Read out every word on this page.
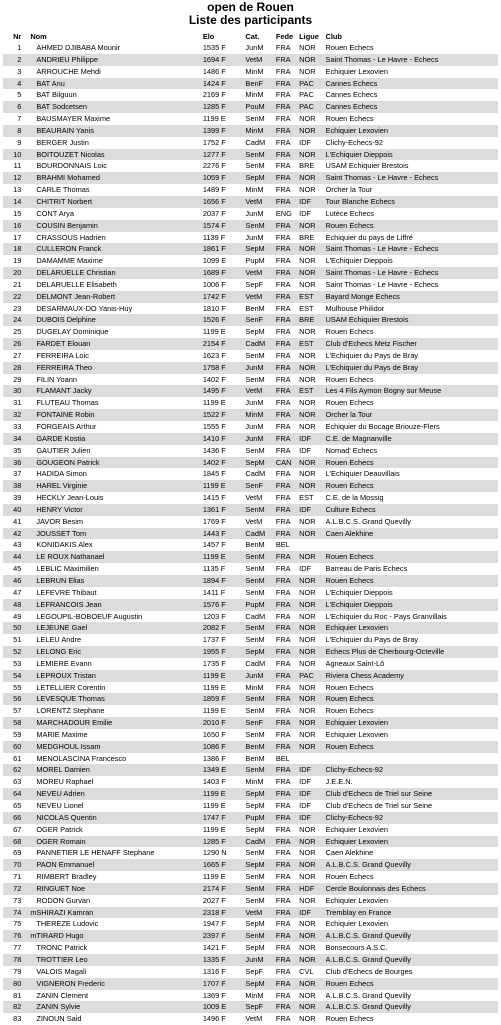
open de Rouen
Liste des participants
Nr	Nom	Elo	Cat.	Fede	Ligue	Club
1	AHMED DJIBABA Mounir	1535 F	JunM	FRA	NOR	Rouen Echecs
2	ANDRIEU Philippe	1694 F	VetM	FRA	NOR	Saint Thomas - Le Havre - Echecs
3	ARROUCHE Mehdi	1486 F	MinM	FRA	NOR	Echiquier Lexovien
4	BAT Anu	1424 F	BenF	FRA	PAC	Cannes Echecs
5	BAT Bilguun	2169 F	MinM	FRA	PAC	Cannes Echecs
6	BAT Sodcetsen	1285 F	PouM	FRA	PAC	Cannes Echecs
7	BAUSMAYER Maxime	1199 E	SenM	FRA	NOR	Rouen Echecs
8	BEAURAIN Yanis	1399 F	MinM	FRA	NOR	Echiquier Lexovien
9	BERGER Justin	1752 F	CadM	FRA	IDF	Clichy-Echecs-92
10	BOITOUZET Nicolas	1277 F	SenM	FRA	NOR	L'Echiquier Dieppois
11	BOURDONNAIS Loic	2276 F	SenM	FRA	BRE	USAM Echiquier Brestois
12	BRAHMI Mohamed	1059 F	SepM	FRA	NOR	Saint Thomas - Le Havre - Echecs
13	CARLE Thomas	1489 F	MinM	FRA	NOR	Orcher la Tour
14	CHITRIT Norbert	1656 F	VetM	FRA	IDF	Tour Blanche Echecs
15	CONT Arya	2037 F	JunM	ENG	IDF	Lutèce Echecs
16	COUSIN Benjamin	1574 F	SenM	FRA	NOR	Rouen Echecs
17	CRASSOUS Hadrien	1139 F	JunM	FRA	BRE	Echiquier du pays de Liffré
18	CULLERON Franck	1861 F	SepM	FRA	NOR	Saint Thomas - Le Havre - Echecs
19	DAMAMME Maxime	1099 E	PupM	FRA	NOR	L'Echiquier Dieppois
20	DELARUELLE Christian	1689 F	VetM	FRA	NOR	Saint Thomas - Le Havre - Echecs
21	DELARUELLE Elisabeth	1006 F	SepF	FRA	NOR	Saint Thomas - Le Havre - Echecs
22	DELMONT Jean-Robert	1742 F	VetM	FRA	EST	Bayard Monge Echecs
23	DESARMAUX-DO Yanis-Huy	1810 F	BenM	FRA	EST	Mulhouse Philidor
24	DUBOIS Delphine	1526 F	SenF	FRA	BRE	USAM Echiquier Brestois
25	DUGELAY Dominique	1199 E	SepM	FRA	NOR	Rouen Echecs
26	FARDET Elouan	2154 F	CadM	FRA	EST	Club d'Echecs Metz Fischer
27	FERREIRA Loic	1623 F	SenM	FRA	NOR	L'Echiquier du Pays de Bray
28	FERREIRA Theo	1758 F	JunM	FRA	NOR	L'Echiquier du Pays de Bray
29	FILIN Yoann	1402 F	SenM	FRA	NOR	Rouen Echecs
30	FLAMANT Jacky	1495 F	VetM	FRA	EST	Les 4 Fils Aymon Bogny sur Meuse
31	FLUTEAU Thomas	1199 E	JunM	FRA	NOR	Rouen Echecs
32	FONTAINE Robin	1522 F	MinM	FRA	NOR	Orcher la Tour
33	FORGEAIS Arthur	1555 F	JunM	FRA	NOR	Echiquier du Bocage Briouze-Flers
34	GARDE Kostia	1410 F	JunM	FRA	IDF	C.E. de Magnanville
35	GAUTIER Julien	1436 F	SenM	FRA	IDF	Nomad' Echecs
36	GOUGEON Patrick	1402 F	SepM	CAN	NOR	Rouen Echecs
37	HADIDA Simon	1845 F	CadM	FRA	NOR	L'Echiquier Deauvillais
38	HAREL Virginie	1199 E	SenF	FRA	NOR	Rouen Echecs
39	HECKLY Jean-Louis	1415 F	VetM	FRA	EST	C.E. de la Mossig
40	HENRY Victor	1361 F	SenM	FRA	IDF	Culture Echecs
41	JAVOR Besim	1769 F	VetM	FRA	NOR	A.L.B.C.S. Grand Quevilly
42	JOUSSET Tom	1443 F	CadM	FRA	NOR	Caen Alekhine
43	KONIDAKIS Alex	1457 F	BenM	BEL		
44	LE ROUX Nathanael	1199 E	SenM	FRA	NOR	Rouen Echecs
45	LEBLIC Maximilien	1135 F	SenM	FRA	IDF	Barreau de Paris Echecs
46	LEBRUN Elias	1894 F	SenM	FRA	NOR	Rouen Echecs
47	LEFEVRE Thibaut	1411 F	SenM	FRA	NOR	L'Echiquier Dieppois
48	LEFRANCOIS Jean	1576 F	PupM	FRA	NOR	L'Echiquier Dieppois
49	LEGOUPIL-BOBOEUF Augustin	1203 F	CadM	FRA	NOR	L'Echiquier du Roc - Pays Granvillais
50	LEJEUNE Gael	2082 F	SenM	FRA	NOR	Echiquier Lexovien
51	LELEU Andre	1737 F	SenM	FRA	NOR	L'Echiquier du Pays de Bray
52	LELONG Eric	1955 F	SepM	FRA	NOR	Echecs Plus de Cherbourg-Octeville
53	LEMIERE Evann	1735 F	CadM	FRA	NOR	Agneaux Saint-Lô
54	LEPROUX Tristan	1199 E	JunM	FRA	PAC	Riviera Chess Academy
55	LETELLIER Corentin	1199 E	MinM	FRA	NOR	Rouen Echecs
56	LEVESQUE Thomas	1859 F	SenM	FRA	NOR	Rouen Echecs
57	LORENTZ Stephane	1199 E	SenM	FRA	NOR	Rouen Echecs
58	MARCHADOUR Emilie	2010 F	SenF	FRA	NOR	Echiquier Lexovien
59	MARIE Maxime	1650 F	SenM	FRA	NOR	Echiquier Lexovien
60	MEDGHOUL Issam	1086 F	BenM	FRA	NOR	Rouen Echecs
61	MENOLASCINA Francesco	1386 F	BenM	BEL		
62	MOREL Damien	1349 E	SenM	FRA	IDF	Clichy-Echecs-92
63	MOREU Raphael	1403 F	MinM	FRA	IDF	J.E.E.N.
64	NEVEU Adrien	1199 E	SepM	FRA	IDF	Club d'Echecs de Triel sur Seine
65	NEVEU Lionel	1199 E	SepM	FRA	IDF	Club d'Echecs de Triel sur Seine
66	NICOLAS Quentin	1747 F	PupM	FRA	IDF	Clichy-Echecs-92
67	OGER Patrick	1199 E	SepM	FRA	NOR	Echiquier Lexovien
68	OGER Romain	1285 F	CadM	FRA	NOR	Echiquier Lexovien
69	PANNETIER LE HENAFF Stephane	1290 N	SenM	FRA	NOR	Caen Alekhine
70	PAON Emmanuel	1665 F	SepM	FRA	NOR	A.L.B.C.S. Grand Quevilly
71	RIMBERT Bradley	1199 E	SenM	FRA	NOR	Rouen Echecs
72	RINGUET Noe	2174 F	SenM	FRA	HDF	Cercle Boulonnais des Echecs
73	RODON Gurvan	2027 F	SenM	FRA	NOR	Echiquier Lexovien
74	mSHIRAZI Kamran	2318 F	VetM	FRA	IDF	Tremblay en France
75	THEREZE Ludovic	1947 F	SepM	FRA	NOR	Echiquier Lexovien
76	mTIRARD Hugo	2397 F	SenM	FRA	NOR	A.L.B.C.S. Grand Quevilly
77	TRONC Patrick	1421 F	SepM	FRA	NOR	Bonsecours A.S.C.
78	TROTTIER Leo	1335 F	JunM	FRA	NOR	A.L.B.C.S. Grand Quevilly
79	VALOIS Magali	1316 F	SepF	FRA	CVL	Club d'Echecs de Bourges
80	VIGNERON Frederic	1707 F	SepM	FRA	NOR	Rouen Echecs
81	ZANIN Clement	1369 F	MinM	FRA	NOR	A.L.B.C.S. Grand Quevilly
82	ZANIN Sylvie	1009 E	SepF	FRA	NOR	A.L.B.C.S. Grand Quevilly
83	ZINOUN Said	1496 F	VetM	FRA	NOR	Rouen Echecs
